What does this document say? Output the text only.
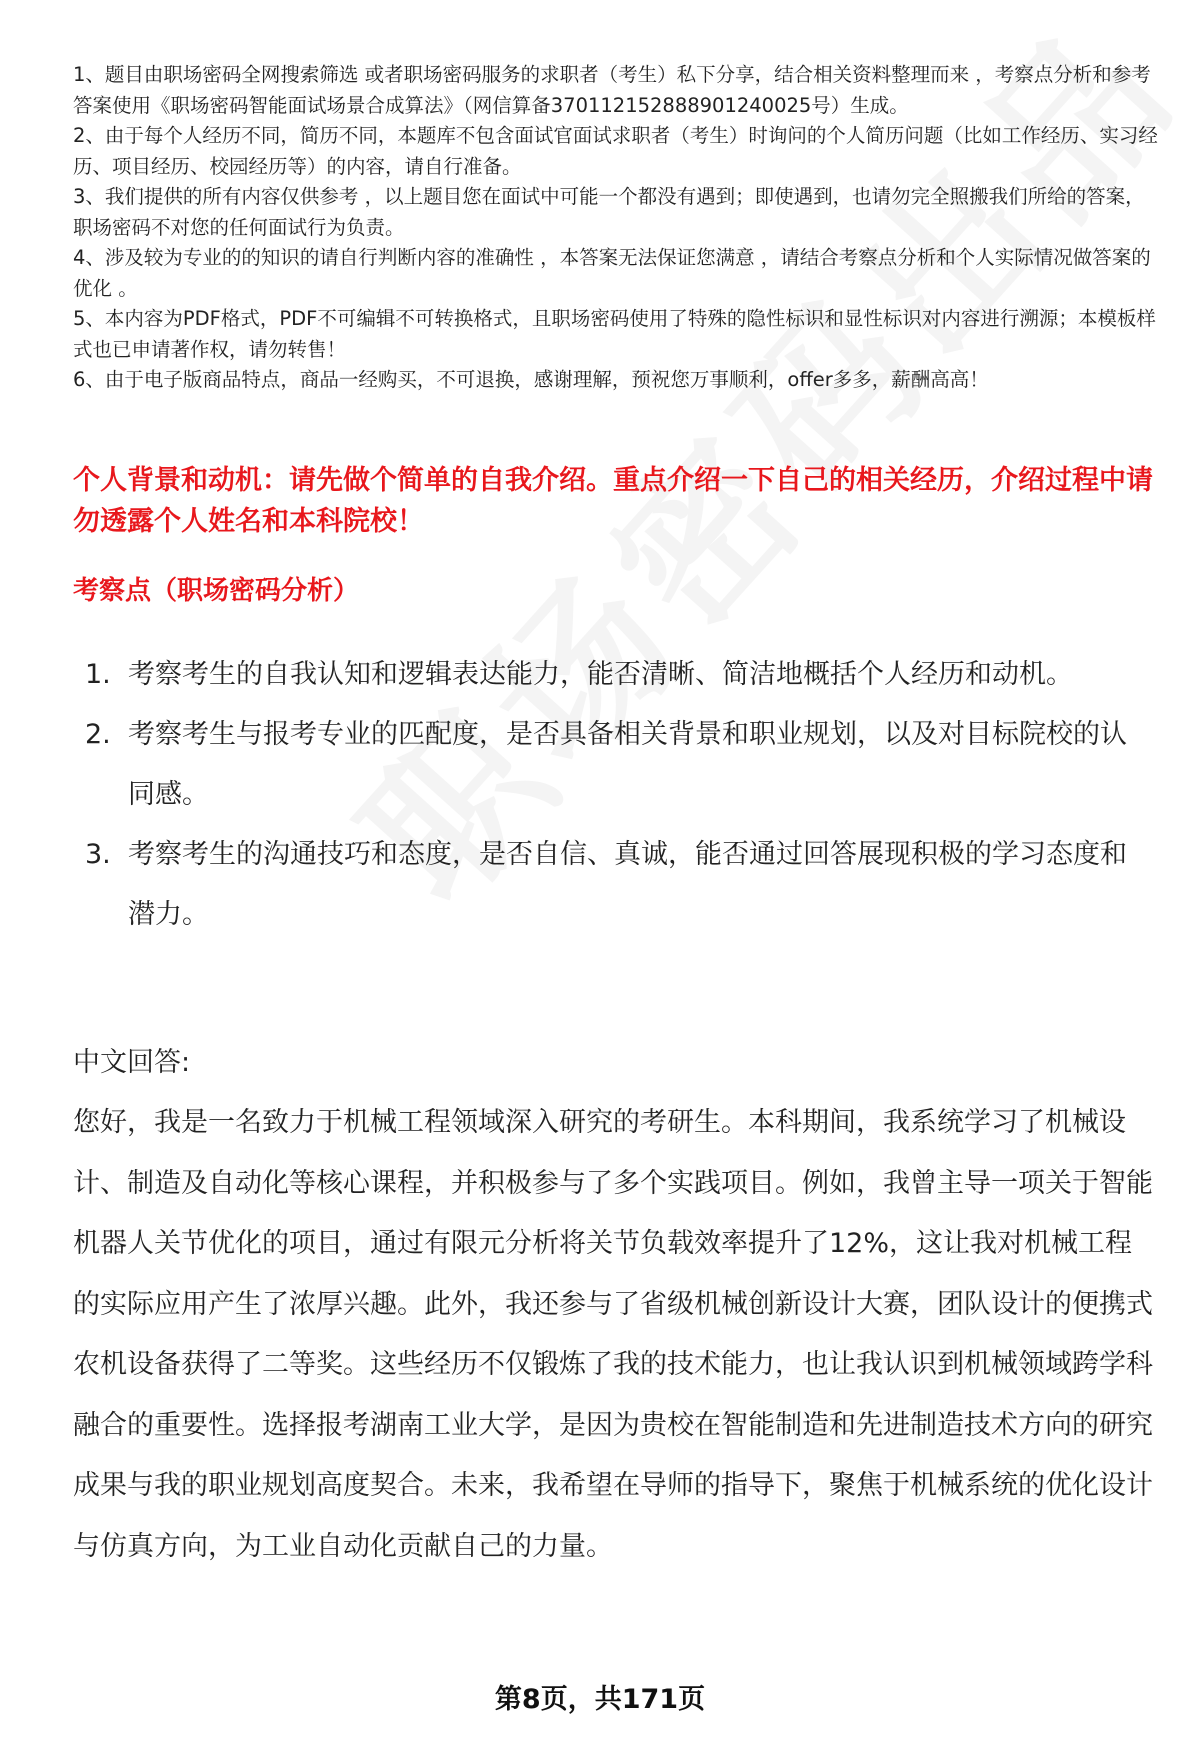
1、题目由职场密码全网搜索筛选 或者职场密码服务的求职者（考生）私下分享，结合相关资料整理而来 ，考察点分析和参考答案使用《职场密码智能面试场景合成算法》（网信算备370112152888901240025号）生成。

2、由于每个人经历不同，简历不同，本题库不包含面试官面试求职者（考生）时询问的个人简历问题（比如工作经历、实习经历、项目经历、校园经历等）的内容，请自行准备。

3、我们提供的所有内容仅供参考 ，以上题目您在面试中可能一个都没有遇到；即使遇到，也请勿完全照搬我们所给的答案，职场密码不对您的任何面试行为负责。

4、涉及较为专业的的知识的请自行判断内容的准确性 ，本答案无法保证您满意 ，请结合考察点分析和个人实际情况做答案的优化 。

5、本内容为PDF格式，PDF不可编辑不可转换格式，且职场密码使用了特殊的隐性标识和显性标识对内容进行溯源；本模板样式也已申请著作权，请勿转售！

6、由于电子版商品特点，商品一经购买，不可退换，感谢理解，预祝您万事顺利，offer多多，薪酬高高！

个人背景和动机：请先做个简单的自我介绍。重点介绍一下自己的相关经历，介绍过程中请勿透露个人姓名和本科院校！
考察点（职场密码分析）
1. 考察考生的自我认知和逻辑表达能力，能否清晰、简洁地概括个人经历和动机。
2. 考察考生与报考专业的匹配度，是否具备相关背景和职业规划，以及对目标院校的认同感。
3. 考察考生的沟通技巧和态度，是否自信、真诚，能否通过回答展现积极的学习态度和潜力。

中文回答:

您好，我是一名致力于机械工程领域深入研究的考研生。本科期间，我系统学习了机械设计、制造及自动化等核心课程，并积极参与了多个实践项目。例如，我曾主导一项关于智能机器人关节优化的项目，通过有限元分析将关节负载效率提升了12%，这让我对机械工程的实际应用产生了浓厚兴趣。此外，我还参与了省级机械创新设计大赛，团队设计的便携式农机设备获得了二等奖。这些经历不仅锻炼了我的技术能力，也让我认识到机械领域跨学科融合的重要性。选择报考湖南工业大学，是因为贵校在智能制造和先进制造技术方向的研究成果与我的职业规划高度契合。未来，我希望在导师的指导下，聚焦于机械系统的优化设计与仿真方向，为工业自动化贡献自己的力量。

第8页，共171页
